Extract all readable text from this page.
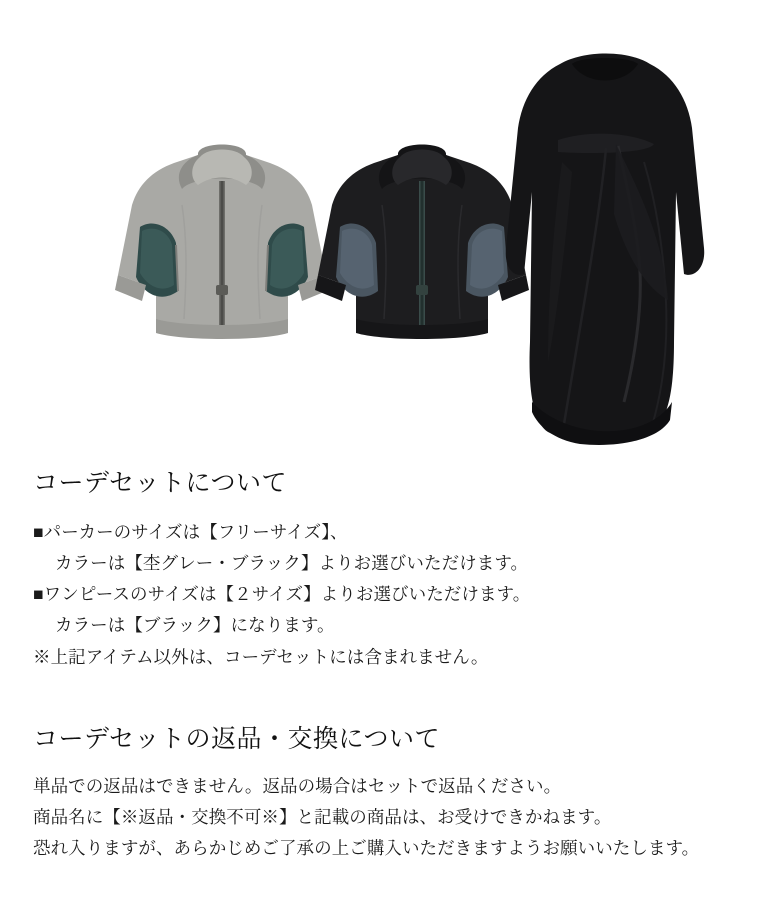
コーデセットについて
■パーカーのサイズは【フリーサイズ】、
カラーは【杢グレー・ブラック】よりお選びいただけます。
■ワンピースのサイズは【２サイズ】よりお選びいただけます。
カラーは【ブラック】になります。
※上記アイテム以外は、コーデセットには含まれません。
コーデセットの返品・交換について

単品での返品はできません。返品の場合はセットで返品ください。

商品名に【※返品・交換不可※】と記載の商品は、お受けできかねます。

恐れ入りますが、あらかじめご了承の上ご購入いただきますようお願いいたします。
